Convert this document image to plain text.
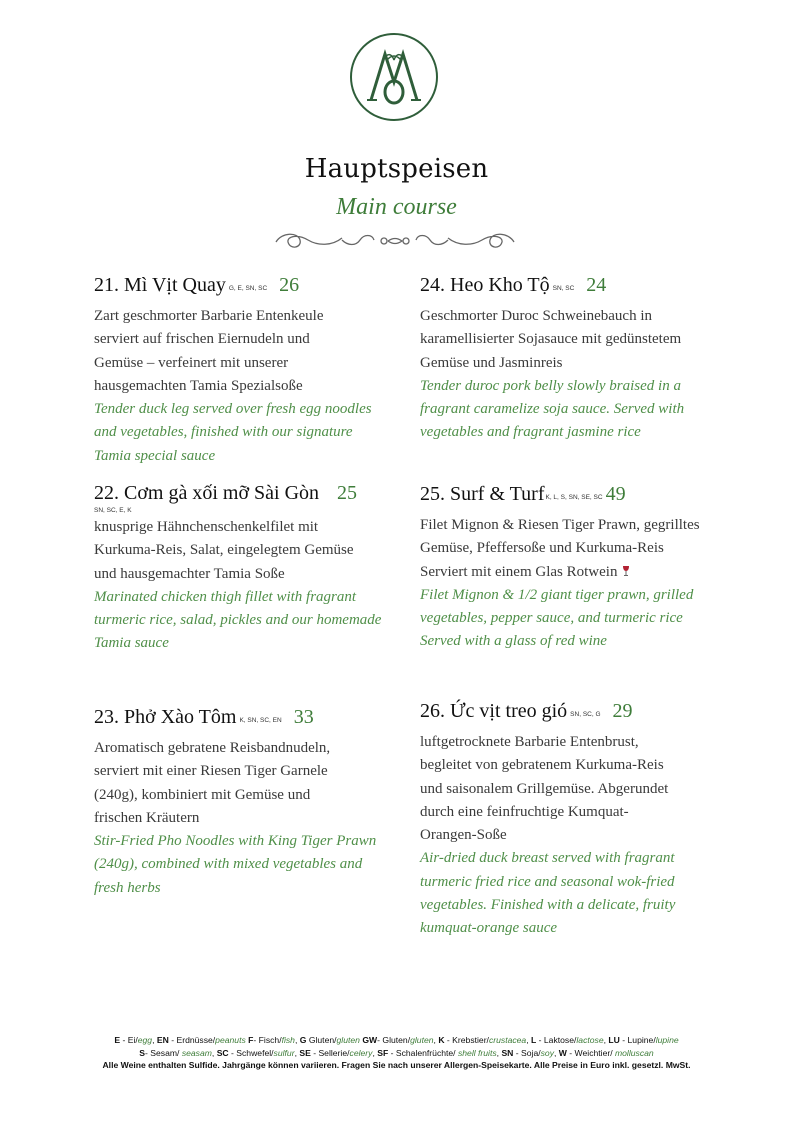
Hauptspeisen
Main course
21. Mì Vịt Quay G, E, SN, SC 26
Zart geschmorter Barbarie Entenkeule
serviert auf frischen Eiernudeln und
Gemüse – verfeinert mit unserer
hausgemachten Tamia Spezialsoße
Tender duck leg served over fresh egg noodles
and vegetables, finished with our signature
Tamia special sauce
22. Cơm gà xối mỡ Sài Gòn 25
SN, SC, E, K
knusprige Hähnchenschenkelfilet mit
Kurkuma-Reis, Salat, eingelegtem Gemüse
und hausgemachter Tamia Soße
Marinated chicken thigh fillet with fragrant
turmeric rice, salad, pickles and our homemade
Tamia sauce
23. Phở Xào Tôm K, SN, SC, EN 33
Aromatisch gebratene Reisbandnudeln,
serviert mit einer Riesen Tiger Garnele
(240g), kombiniert mit Gemüse und
frischen Kräutern
Stir-Fried Pho Noodles with King Tiger Prawn
(240g), combined with mixed vegetables and
fresh herbs
24. Heo Kho Tộ SN, SC 24
Geschmorter Duroc Schweinebauch in
karamellisierter Sojasauce mit gedünstetem
Gemüse und Jasminreis
Tender duroc pork belly slowly braised in a
fragrant caramelize soja sauce. Served with
vegetables and fragrant jasmine rice
25. Surf & TurfK, L, S, SN, SE, SC 49
Filet Mignon & Riesen Tiger Prawn, gegrilltes
Gemüse, Pfeffersoße und Kurkuma-Reis
Serviert mit einem Glas Rotwein
Filet Mignon & 1/2 giant tiger prawn, grilled
vegetables, pepper sauce, and turmeric rice
Served with a glass of red wine
26. Ức vịt treo gió SN, SC, G 29
luftgetrocknete Barbarie Entenbrust,
begleitet von gebratenem Kurkuma-Reis
und saisonalem Grillgemüse. Abgerundet
durch eine feinfruchtige Kumquat-
Orangen-Soße
Air-dried duck breast served with fragrant
turmeric fried rice and seasonal wok-fried
vegetables. Finished with a delicate, fruity
kumquat-orange sauce
E - Ei/egg, EN - Erdnüsse/peanuts F- Fisch/fish, G Gluten/gluten GW- Gluten/gluten, K - Krebstier/crustacea, L - Laktose/lactose, LU - Lupine/lupine
S- Sesam/ seasam, SC - Schwefel/sulfur, SE - Sellerie/celery, SF - Schalenfrüchte/ shell fruits, SN - Soja/soy, W - Weichtier/ molluscan
Alle Weine enthalten Sulfide. Jahrgänge können variieren. Fragen Sie nach unserer Allergen-Speisekarte. Alle Preise in Euro inkl. gesetzl. MwSt.
